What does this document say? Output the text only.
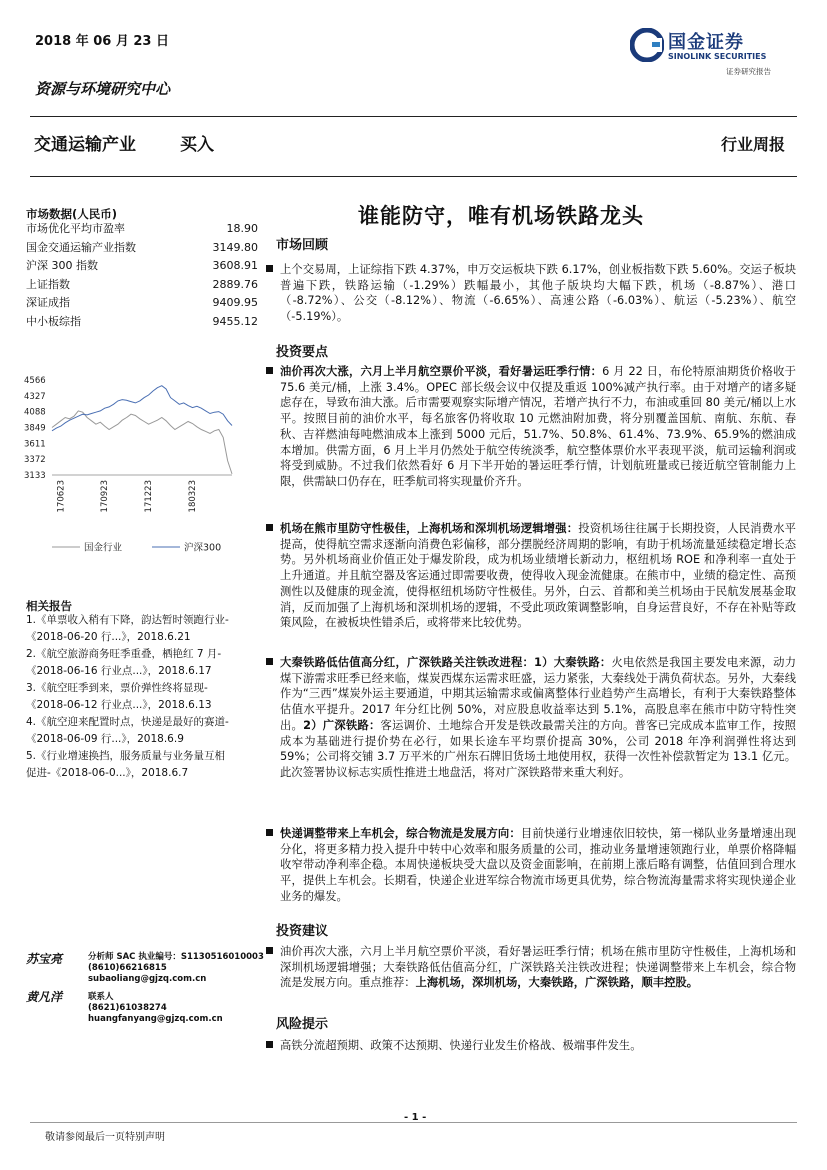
2018 年 06 月 23 日
资源与环境研究中心
国金证券
SINOLINK SECURITIES
证券研究报告
交通运输产业	买入	行业周报
市场数据(人民币)
市场优化平均市盈率	18.90
国金交通运输产业指数	3149.80
沪深 300 指数	3608.91
上证指数	2889.76
深证成指	9409.95
中小板综指	9455.12
4566
4327
4088
3849
3611
3372
3133
170623	170923	171223	180323
国金行业	沪深300
相关报告

1.《单票收入稍有下降，韵达暂时领跑行业-
《2018-06-20 行...》，2018.6.21

2.《航空旅游商务旺季重叠，栖艳红 7 月-
《2018-06-16 行业点...》，2018.6.17

3.《航空旺季到来，票价弹性终将显现-
《2018-06-12 行业点...》，2018.6.13

4.《航空迎来配置时点，快递是最好的赛道-
《2018-06-09 行...》，2018.6.9

5.《行业增速换挡，服务质量与业务量互相
促进-《2018-06-0...》，2018.6.7

苏宝亮	分析师 SAC 执业编号：S1130516010003
(8610)66216815
subaoliang@gjzq.com.cn
黄凡洋	联系人
(8621)61038274
huangfanyang@gjzq.com.cn
谁能防守，唯有机场铁路龙头
市场回顾
上个交易周，上证综指下跌 4.37%，申万交运板块下跌 6.17%，创业板指数下跌 5.60%。交运子板块普遍下跌，铁路运输（-1.29%）跌幅最小，其他子版块均大幅下跌，机场（-8.87%）、港口（-8.72%）、公交（-8.12%）、物流（-6.65%）、高速公路（-6.03%）、航运（-5.23%）、航空（-5.19%）。
投资要点
油价再次大涨，六月上半月航空票价平淡，看好暑运旺季行情：6 月 22 日，布伦特原油期货价格收于 75.6 美元/桶，上涨 3.4%。OPEC 部长级会议中仅提及重返 100%减产执行率。由于对增产的诸多疑虑存在，导致布油大涨。后市需要观察实际增产情况，若增产执行不力，布油或重回 80 美元/桶以上水平。按照目前的油价水平，每名旅客仍将收取 10 元燃油附加费，将分别覆盖国航、南航、东航、春秋、吉祥燃油每吨燃油成本上涨到 5000 元后，51.7%、50.8%、61.4%、73.9%、65.9%的燃油成本增加。供需方面，6 月上半月仍然处于航空传统淡季，航空整体票价水平表现平淡，航司运输利润或将受到威胁。不过我们依然看好 6 月下半开始的暑运旺季行情，计划航班量或已接近航空管制能力上限，供需缺口仍存在，旺季航司将实现量价齐升。
机场在熊市里防守性极佳，上海机场和深圳机场逻辑增强：投资机场往往属于长期投资，人民消费水平提高，使得航空需求逐渐向消费色彩偏移，部分摆脱经济周期的影响，有助于机场流量延续稳定增长态势。另外机场商业价值正处于爆发阶段，成为机场业绩增长新动力，枢纽机场 ROE 和净利率一直处于上升通道。并且航空器及客运通过即需要收费，使得收入现金流健康。在熊市中，业绩的稳定性、高预测性以及健康的现金流，使得枢纽机场防守性极佳。另外，白云、首都和美兰机场由于民航发展基金取消，反而加强了上海机场和深圳机场的逻辑，不受此项政策调整影响，自身运营良好，不存在补贴等政策风险，在被板块性错杀后，或将带来比较优势。
大秦铁路低估值高分红，广深铁路关注铁改进程：1）大秦铁路：火电依然是我国主要发电来源，动力煤下游需求旺季已经来临，煤炭西煤东运需求旺盛，运力紧张，大秦线处于满负荷状态。另外，大秦线作为“三西”煤炭外运主要通道，中期其运输需求或偏离整体行业趋势产生高增长，有利于大秦铁路整体估值水平提升。2017 年分红比例 50%，对应股息收益率达到 5.1%，高股息率在熊市中防守特性突出。2）广深铁路：客运调价、土地综合开发是铁改最需关注的方向。普客已完成成本监审工作，按照成本为基础进行提价势在必行，如果长途车平均票价提高 30%，公司 2018 年净利润弹性将达到 59%；公司将交铺 3.7 万平米的广州东石牌旧货场土地使用权，获得一次性补偿款暂定为 13.1 亿元。此次签署协议标志实质性推进土地盘活，将对广深铁路带来重大利好。
快递调整带来上车机会，综合物流是发展方向：目前快递行业增速依旧较快，第一梯队业务量增速出现分化，将更多精力投入提升中转中心效率和服务质量的公司，推动业务量增速领跑行业，单票价格降幅收窄带动净利率企稳。本周快递板块受大盘以及资金面影响，在前期上涨后略有调整，估值回到合理水平，提供上车机会。长期看，快递企业进军综合物流市场更具优势，综合物流海量需求将实现快递企业业务的爆发。
投资建议
油价再次大涨，六月上半月航空票价平淡，看好暑运旺季行情；机场在熊市里防守性极佳，上海机场和深圳机场逻辑增强；大秦铁路低估值高分红，广深铁路关注铁改进程；快递调整带来上车机会，综合物流是发展方向。重点推荐：上海机场，深圳机场，大秦铁路，广深铁路，顺丰控股。
风险提示
高铁分流超预期、政策不达预期、快递行业发生价格战、极端事件发生。
- 1 -
敬请参阅最后一页特别声明
